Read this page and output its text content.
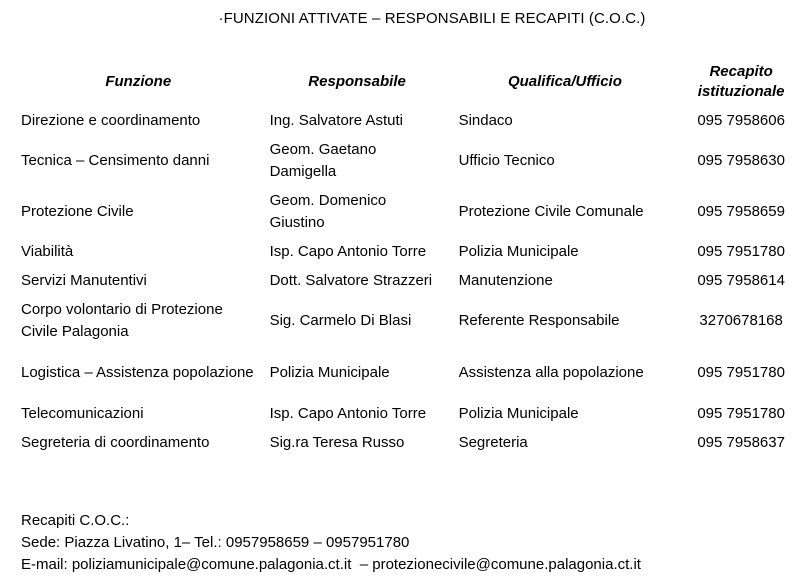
·FUNZIONI ATTIVATE – RESPONSABILI E RECAPITI (C.O.C.)
Funzione	Responsabile	Qualifica/Ufficio	Recapito
istituzionale
Direzione e coordinamento	Ing. Salvatore Astuti	Sindaco	095 7958606
Tecnica – Censimento danni	Geom. Gaetano Damigella	Ufficio Tecnico	095 7958630
Protezione Civile	Geom. Domenico Giustino	Protezione Civile Comunale	095 7958659
Viabilità	Isp. Capo Antonio Torre	Polizia Municipale	095 7951780
Servizi Manutentivi	Dott. Salvatore Strazzeri	Manutenzione	095 7958614
Corpo volontario di Protezione Civile Palagonia	Sig. Carmelo Di Blasi	Referente Responsabile	3270678168
Logistica – Assistenza popolazione	Polizia Municipale	Assistenza alla popolazione	095 7951780
Telecomunicazioni	Isp. Capo Antonio Torre	Polizia Municipale	095 7951780
Segreteria di coordinamento	Sig.ra Teresa Russo	Segreteria	095 7958637
Recapiti C.O.C.:
Sede: Piazza Livatino, 1– Tel.: 0957958659 – 0957951780
E-mail: poliziamunicipale@comune.palagonia.ct.it  – protezionecivile@comune.palagonia.ct.it
